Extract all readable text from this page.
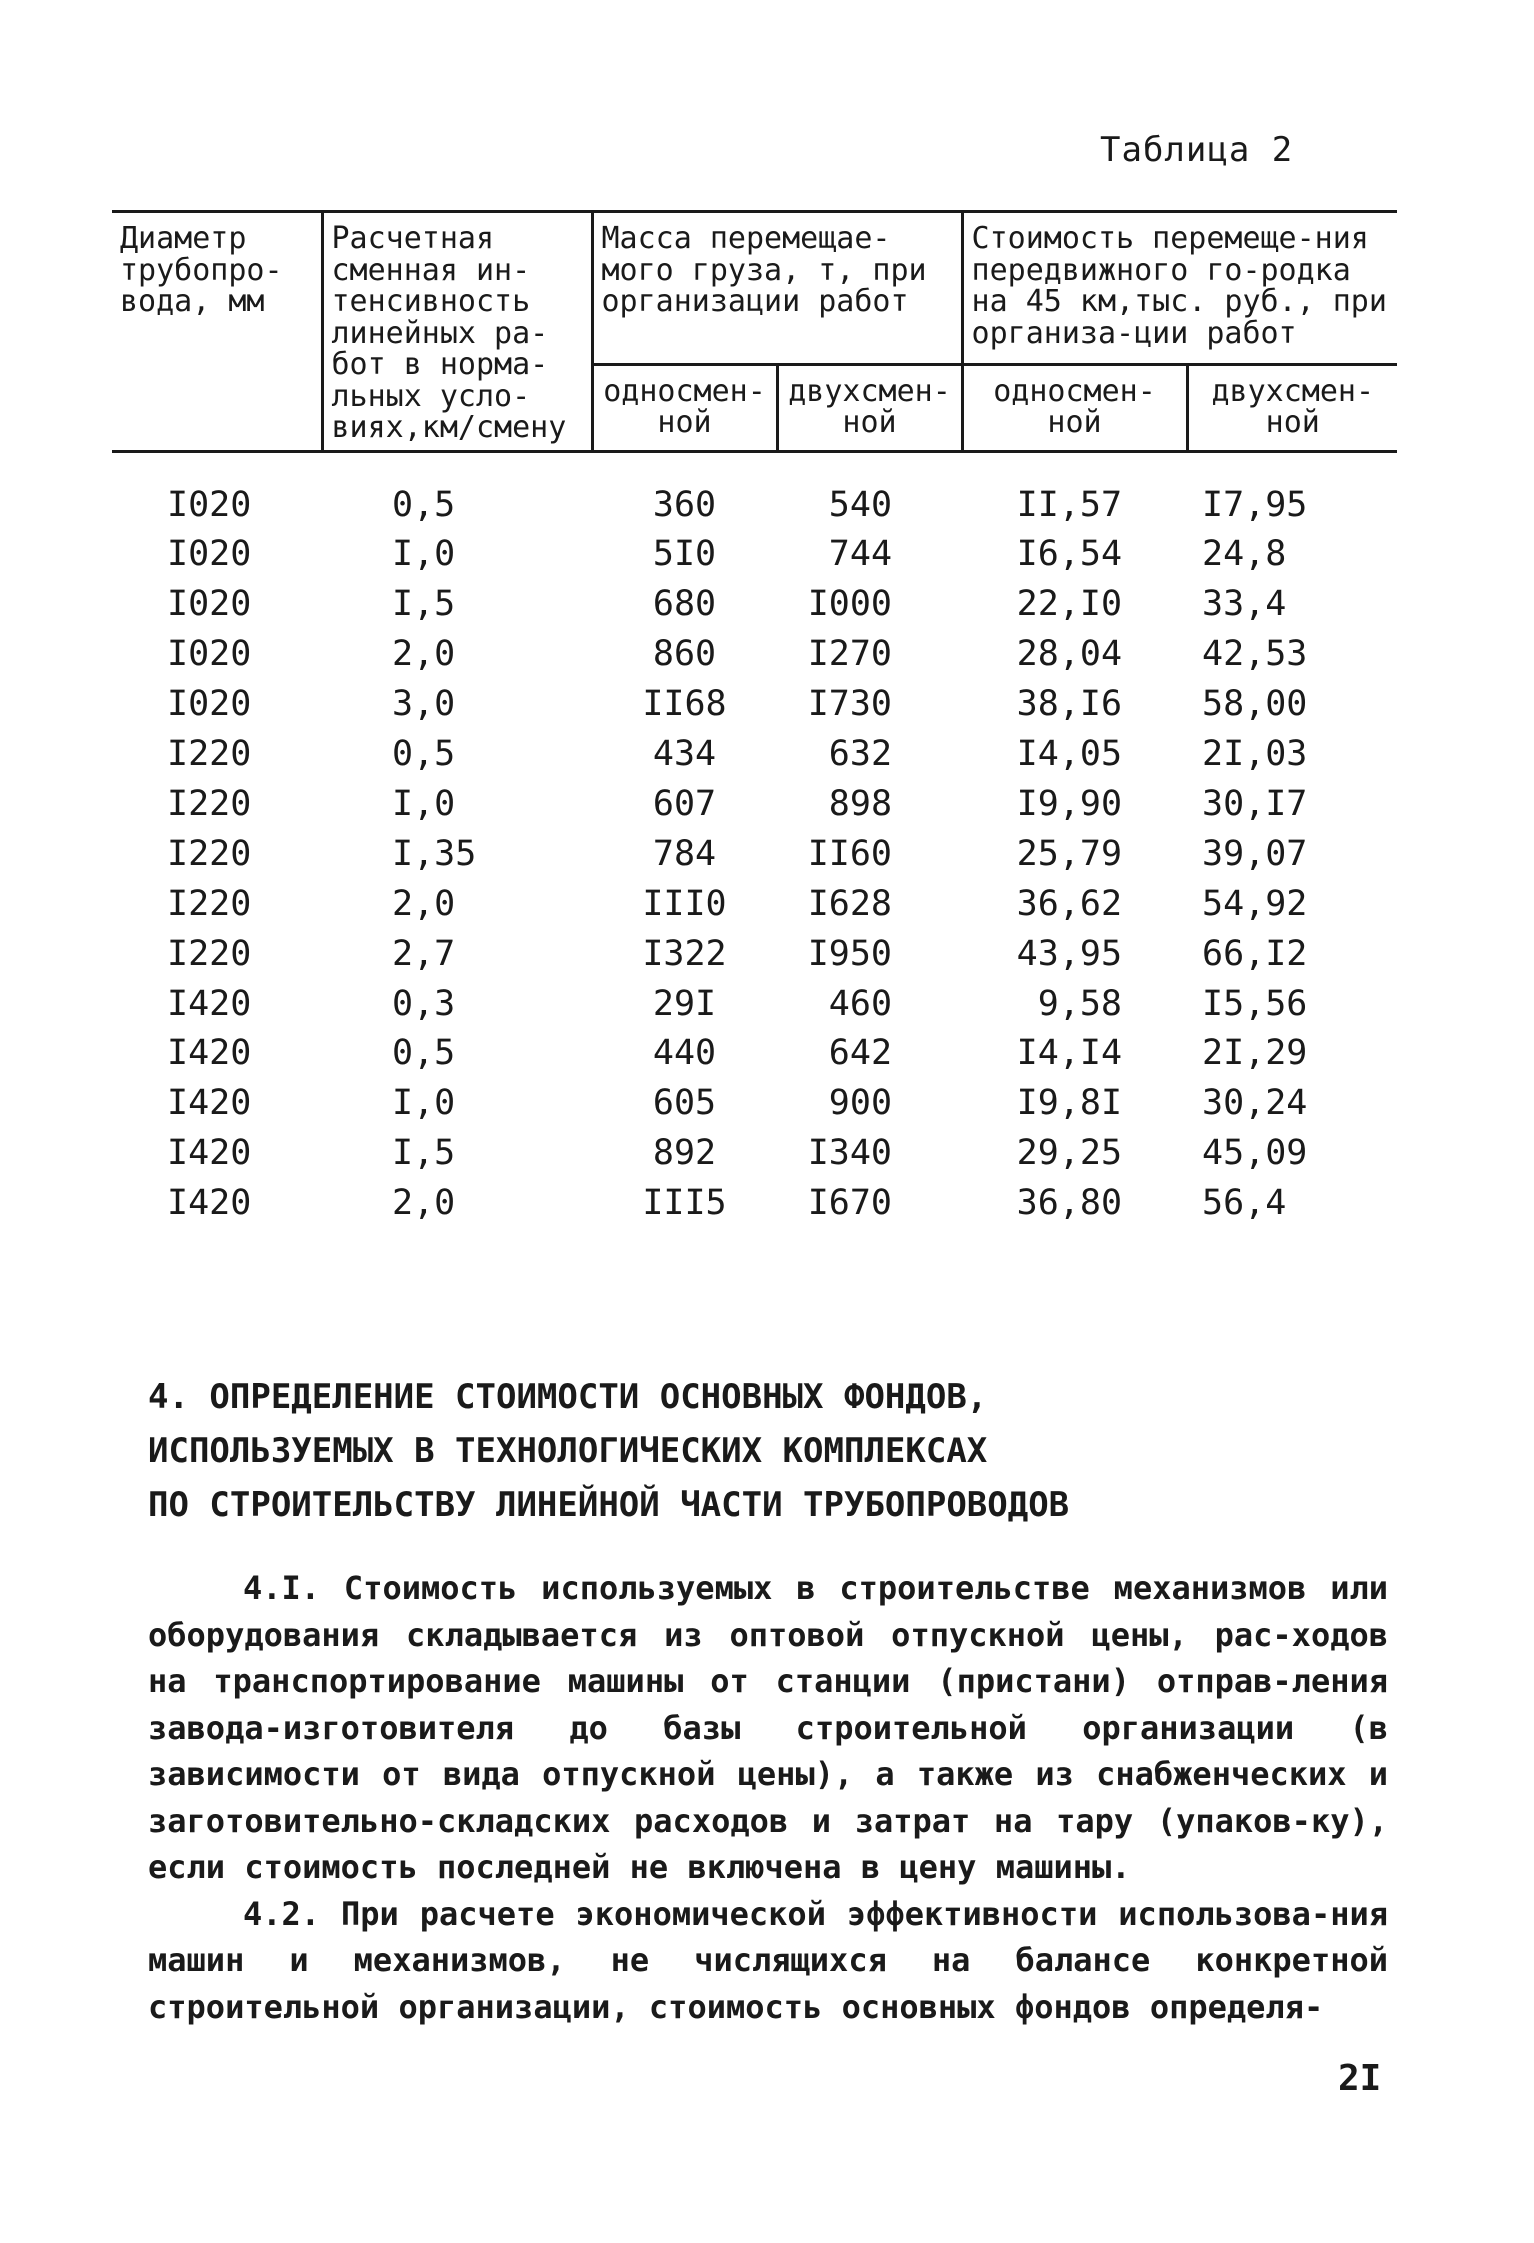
Таблица 2
Диаметр трубопро-вода, мм	Расчетная сменная ин-тенсивность линейных ра-бот в норма-льных усло-виях,км/смену	Масса перемещае-мого груза, т, при организации работ		Стоимость перемеще-ния передвижного го-родка на 45 км,тыс. руб., при организа-ции работ	
		односмен-ной	двухсмен-ной	односмен-ной	двухсмен-ной
I020	0,5	360	540	II,57	I7,95
I020	I,0	5I0	744	I6,54	24,8
I020	I,5	680	I000	22,I0	33,4
I020	2,0	860	I270	28,04	42,53
I020	3,0	II68	I730	38,I6	58,00
I220	0,5	434	632	I4,05	2I,03
I220	I,0	607	898	I9,90	30,I7
I220	I,35	784	II60	25,79	39,07
I220	2,0	III0	I628	36,62	54,92
I220	2,7	I322	I950	43,95	66,I2
I420	0,3	29I	460	9,58	I5,56
I420	0,5	440	642	I4,I4	2I,29
I420	I,0	605	900	I9,8I	30,24
I420	I,5	892	I340	29,25	45,09
I420	2,0	III5	I670	36,80	56,4
4. ОПРЕДЕЛЕНИЕ СТОИМОСТИ ОСНОВНЫХ ФОНДОВ,
ИСПОЛЬЗУЕМЫХ В ТЕХНОЛОГИЧЕСКИХ КОМПЛЕКСАХ
ПО СТРОИТЕЛЬСТВУ ЛИНЕЙНОЙ ЧАСТИ ТРУБОПРОВОДОВ

4.I. Стоимость используемых в строительстве механизмов или оборудования складывается из оптовой отпускной цены, рас-ходов на транспортирование машины от станции (пристани) отправ-ления завода-изготовителя до базы строительной организации (в зависимости от вида отпускной цены), а также из снабженческих и заготовительно-складских расходов и затрат на тару (упаков-ку), если стоимость последней не включена в цену машины.

4.2. При расчете экономической эффективности использова-ния машин и механизмов, не числящихся на балансе конкретной строительной организации, стоимость основных фондов определя-

2I
